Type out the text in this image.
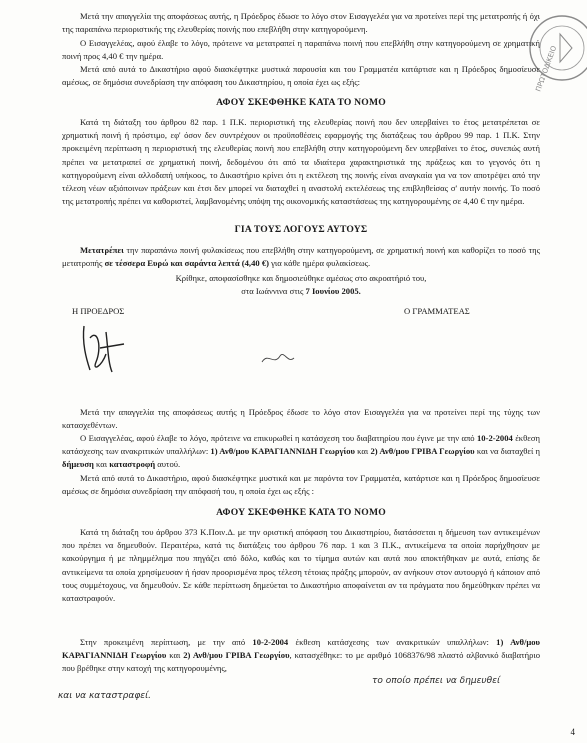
ΠΡΩΤΟΔΙΚΕΙΟ

Μετά την απαγγελία της αποφάσεως αυτής, η Πρόεδρος έδωσε το λόγο στον Εισαγγελέα για να προτείνει περί της μετατροπής ή όχι της παραπάνω περιοριστικής της ελευθερίας ποινής που επεβλήθη στην κατηγορούμενη.

Ο Εισαγγελέας, αφού έλαβε το λόγο, πρότεινε να μετατραπεί η παραπάνω ποινή που επεβλήθη στην κατηγορούμενη σε χρηματική ποινή προς 4,40 € την ημέρα.

Μετά από αυτά το Δικαστήριο αφού διασκέφτηκε μυστικά παρουσία και του Γραμματέα κατάρτισε και η Πρόεδρος δημοσίευσε αμέσως, σε δημόσια συνεδρίαση την απόφαση του Δικαστηρίου, η οποία έχει ως εξής:

ΑΦΟΥ ΣΚΕΦΘΗΚΕ ΚΑΤΑ ΤΟ ΝΟΜΟ

Κατά τη διάταξη του άρθρου 82 παρ. 1 Π.Κ. περιοριστική της ελευθερίας ποινή που δεν υπερβαίνει το έτος μετατρέπεται σε χρηματική ποινή ή πρόστιμο, εφ' όσον δεν συντρέχουν οι προϋποθέσεις εφαρμογής της διατάξεως του άρθρου 99 παρ. 1 Π.Κ. Στην προκειμένη περίπτωση η περιοριστική της ελευθερίας ποινή που επεβλήθη στην κατηγορούμενη δεν υπερβαίνει το έτος, συνεπώς αυτή πρέπει να μετατραπεί σε χρηματική ποινή, δεδομένου ότι από τα ιδιαίτερα χαρακτηριστικά της πράξεως και το γεγονός ότι η κατηγορούμενη είναι αλλοδαπή υπήκοος, το Δικαστήριο κρίνει ότι η εκτέλεση της ποινής είναι αναγκαία για να τον αποτρέψει από την τέλεση νέων αξιόποινων πράξεων και έτσι δεν μπορεί να διαταχθεί η αναστολή εκτελέσεως της επιβληθείσας σ' αυτήν ποινής. Το ποσό της μετατροπής πρέπει να καθοριστεί, λαμβανομένης υπόψη της οικονομικής καταστάσεως της κατηγορουμένης σε 4,40 € την ημέρα.

ΓΙΑ ΤΟΥΣ ΛΟΓΟΥΣ ΑΥΤΟΥΣ

Μετατρέπει την παραπάνω ποινή φυλακίσεως που επεβλήθη στην κατηγορούμενη, σε χρηματική ποινή και καθορίζει το ποσό της μετατροπής σε τέσσερα Ευρώ και σαράντα λεπτά (4,40 €) για κάθε ημέρα φυλακίσεως.

Κρίθηκε, αποφασίσθηκε και δημοσιεύθηκε αμέσως στο ακροατήριό του,

στα Ιωάννινα στις 7 Ιουνίου 2005.

Η ΠΡΟΕΔΡΟΣ	Ο ΓΡΑΜΜΑΤΕΑΣ

Μετά την απαγγελία της αποφάσεως αυτής η Πρόεδρος έδωσε το λόγο στον Εισαγγελέα για να προτείνει περί της τύχης των κατασχεθέντων.

Ο Εισαγγελέας, αφού έλαβε το λόγο, πρότεινε να επικυρωθεί η κατάσχεση του διαβατηρίου που έγινε με την από 10-2-2004 έκθεση κατάσχεσης των ανακριτικών υπαλλήλων: 1) Ανθ/μου ΚΑΡΑΓΙΑΝΝΙΔΗ Γεωργίου και 2) Ανθ/μου ΓΡΙΒΑ Γεωργίου και να διαταχθεί η δήμευση και καταστροφή αυτού.

Μετά από αυτά το Δικαστήριο, αφού διασκέφτηκε μυστικά και με παρόντα τον Γραμματέα, κατάρτισε και η Πρόεδρος δημοσίευσε αμέσως σε δημόσια συνεδρίαση την απόφασή του, η οποία έχει ως εξής :

ΑΦΟΥ ΣΚΕΦΘΗΚΕ ΚΑΤΑ ΤΟ ΝΟΜΟ

Κατά τη διάταξη του άρθρου 373 Κ.Ποιν.Δ. με την οριστική απόφαση του Δικαστηρίου, διατάσσεται η δήμευση των αντικειμένων που πρέπει να δημευθούν. Περαιτέρω, κατά τις διατάξεις του άρθρου 76 παρ. 1 και 3 Π.Κ., αντικείμενα τα οποία παρήχθησαν με κακούργημα ή με πλημμέλημα που πηγάζει από δόλο, καθώς και το τίμημα αυτών και αυτά που αποκτήθηκαν με αυτά, επίσης δε αντικείμενα τα οποία χρησίμευσαν ή ήσαν προορισμένα προς τέλεση τέτοιας πράξης μπορούν, αν ανήκουν στον αυτουργό ή κάποιον από τους συμμέτοχους, να δημευθούν. Σε κάθε περίπτωση δημεύεται το Δικαστήριο αποφαίνεται αν τα πράγματα που δημεύθηκαν πρέπει να καταστραφούν.

Στην προκειμένη περίπτωση, με την από 10-2-2004 έκθεση κατάσχεσης των ανακριτικών υπαλλήλων: 1) Ανθ/μου ΚΑΡΑΓΙΑΝΝΙΔΗ Γεωργίου και 2) Ανθ/μου ΓΡΙΒΑ Γεωργίου, κατασχέθηκε: το με αριθμό 1068376/98 πλαστό αλβανικό διαβατήριο που βρέθηκε στην κατοχή της κατηγορουμένης,

το οποίο πρέπει να δημευθεί

και να καταστραφεί.

4
